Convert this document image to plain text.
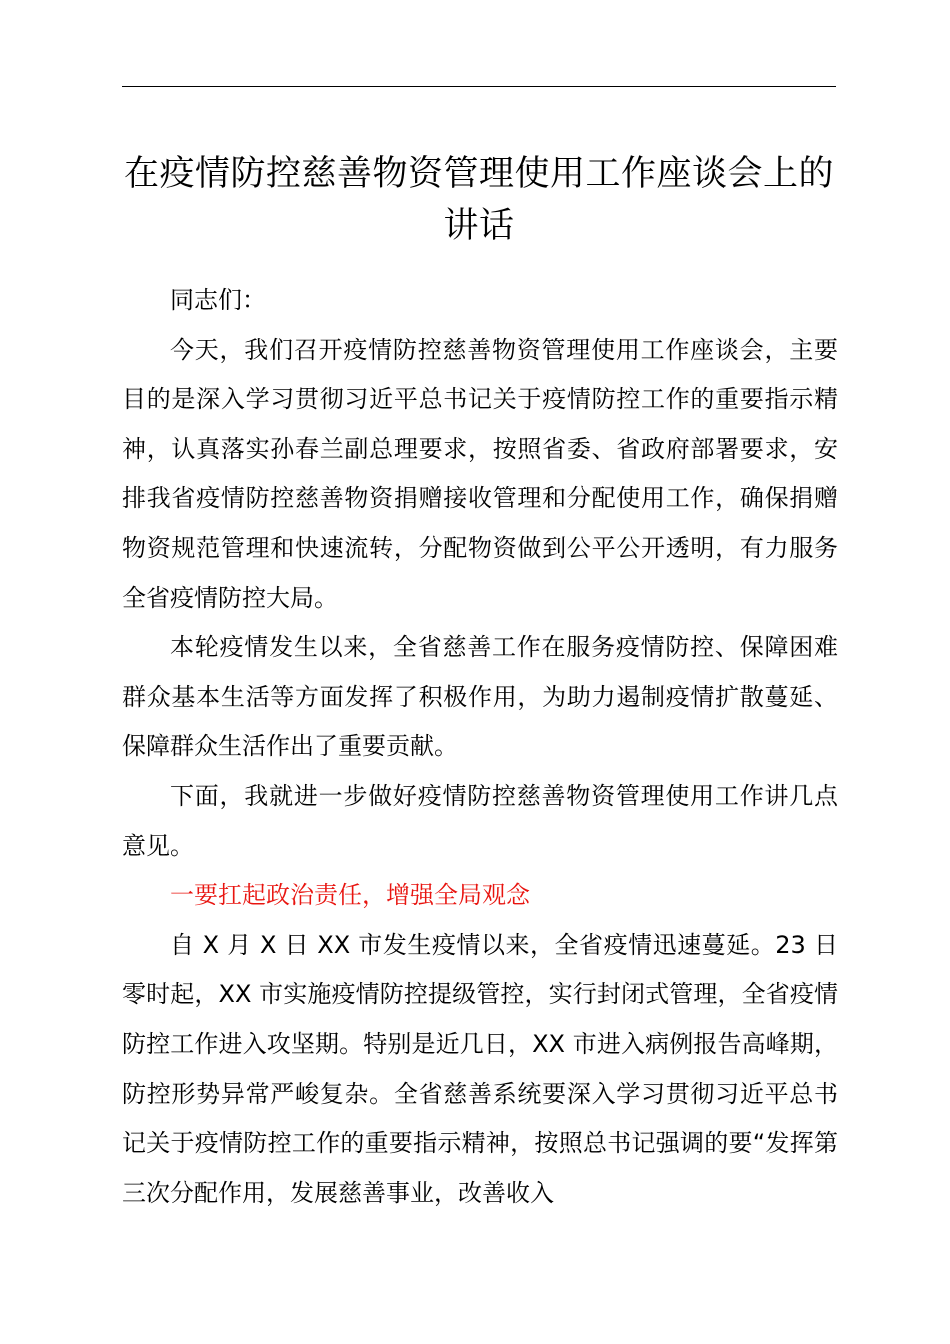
在疫情防控慈善物资管理使用工作座谈会上的
讲话

同志们：

今天，我们召开疫情防控慈善物资管理使用工作座谈会，主要目的是深入学习贯彻习近平总书记关于疫情防控工作的重要指示精神，认真落实孙春兰副总理要求，按照省委、省政府部署要求，安排我省疫情防控慈善物资捐赠接收管理和分配使用工作，确保捐赠物资规范管理和快速流转，分配物资做到公平公开透明，有力服务全省疫情防控大局。

本轮疫情发生以来，全省慈善工作在服务疫情防控、保障困难群众基本生活等方面发挥了积极作用，为助力遏制疫情扩散蔓延、保障群众生活作出了重要贡献。

下面，我就进一步做好疫情防控慈善物资管理使用工作讲几点意见。

一要扛起政治责任，增强全局观念

自 X 月 X 日 XX 市发生疫情以来，全省疫情迅速蔓延。23 日零时起，XX 市实施疫情防控提级管控，实行封闭式管理，全省疫情防控工作进入攻坚期。特别是近几日，XX 市进入病例报告高峰期，防控形势异常严峻复杂。全省慈善系统要深入学习贯彻习近平总书记关于疫情防控工作的重要指示精神，按照总书记强调的要“发挥第三次分配作用，发展慈善事业，改善收入
